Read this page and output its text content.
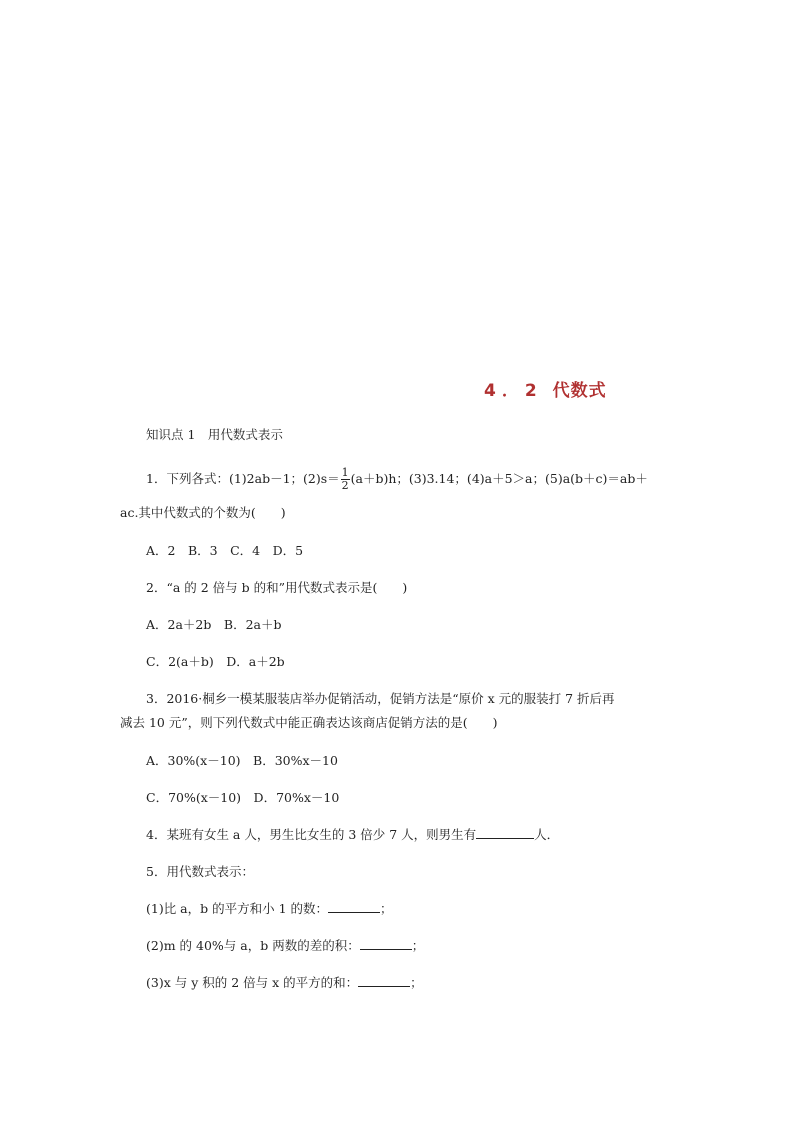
4．2 代数式
知识点 1　用代数式表示
1．下列各式：(1)2ab－1；$(2)s= \frac{1}{2} (a+b)h$；(3)3.14；(4)a＋5＞a；(5)a(b＋c)＝ab＋
ac.其中代数式的个数为(　　)
A．2　B．3　C．4　D．5
2．“a 的 2 倍与 b 的和”用代数式表示是(　　)
A．2a＋2b　B．2a＋b
C．2(a＋b)　D．a＋2b
3．2016·桐乡一模某服装店举办促销活动，促销方法是“原价 x 元的服装打 7 折后再
减去 10 元”，则下列代数式中能正确表达该商店促销方法的是(　　)
A．30%(x－10)　B．30%x－10
C．70%(x－10)　D．70%x－10
4．某班有女生 a 人，男生比女生的 3 倍少 7 人，则男生有	人．
5．用代数式表示：
(1)比 a，b 的平方和小 1 的数：	；
(2)m 的 40%与 a，b 两数的差的积：	；
(3)x 与 y 积的 2 倍与 x 的平方的和：	；
